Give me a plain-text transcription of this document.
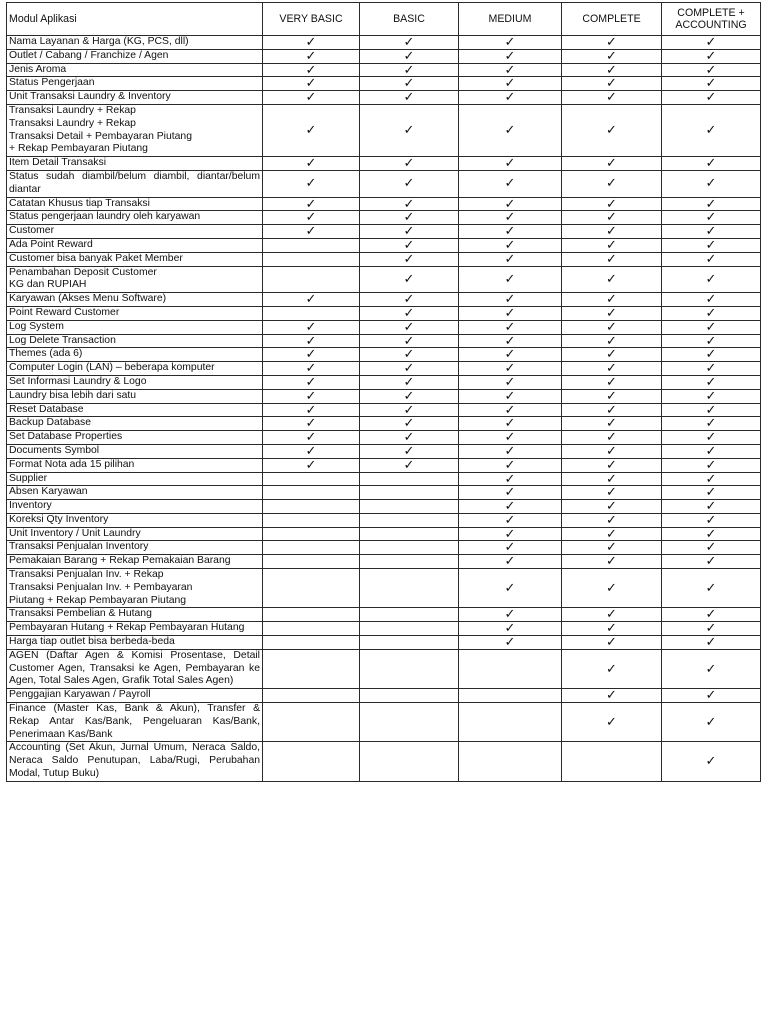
Modul Aplikasi	VERY BASIC	BASIC	MEDIUM	COMPLETE	COMPLETE + ACCOUNTING
Nama Layanan & Harga (KG, PCS, dll)	✓	✓	✓	✓	✓
Outlet / Cabang / Franchize / Agen	✓	✓	✓	✓	✓
Jenis Aroma	✓	✓	✓	✓	✓
Status Pengerjaan	✓	✓	✓	✓	✓
Unit Transaksi Laundry & Inventory	✓	✓	✓	✓	✓
Transaksi Laundry + Rekap
Transaksi Laundry + Rekap
Transaksi Detail + Pembayaran Piutang
+ Rekap Pembayaran Piutang	✓	✓	✓	✓	✓
Item Detail Transaksi	✓	✓	✓	✓	✓
Status sudah diambil/belum diambil, diantar/belum diantar	✓	✓	✓	✓	✓
Catatan Khusus tiap Transaksi	✓	✓	✓	✓	✓
Status pengerjaan laundry oleh karyawan	✓	✓	✓	✓	✓
Customer	✓	✓	✓	✓	✓
Ada Point Reward		✓	✓	✓	✓
Customer bisa banyak Paket Member		✓	✓	✓	✓
Penambahan Deposit Customer
KG dan RUPIAH		✓	✓	✓	✓
Karyawan (Akses Menu Software)	✓	✓	✓	✓	✓
Point Reward Customer		✓	✓	✓	✓
Log System	✓	✓	✓	✓	✓
Log Delete Transaction	✓	✓	✓	✓	✓
Themes (ada 6)	✓	✓	✓	✓	✓
Computer Login (LAN) – beberapa komputer	✓	✓	✓	✓	✓
Set Informasi Laundry & Logo	✓	✓	✓	✓	✓
Laundry bisa lebih dari satu	✓	✓	✓	✓	✓
Reset Database	✓	✓	✓	✓	✓
Backup Database	✓	✓	✓	✓	✓
Set Database Properties	✓	✓	✓	✓	✓
Documents Symbol	✓	✓	✓	✓	✓
Format Nota ada 15 pilihan	✓	✓	✓	✓	✓
Supplier			✓	✓	✓
Absen Karyawan			✓	✓	✓
Inventory			✓	✓	✓
Koreksi Qty Inventory			✓	✓	✓
Unit Inventory / Unit Laundry			✓	✓	✓
Transaksi Penjualan Inventory			✓	✓	✓
Pemakaian Barang + Rekap Pemakaian Barang			✓	✓	✓
Transaksi Penjualan Inv. + Rekap
Transaksi Penjualan Inv. + Pembayaran
Piutang + Rekap Pembayaran Piutang			✓	✓	✓
Transaksi Pembelian & Hutang			✓	✓	✓
Pembayaran Hutang + Rekap Pembayaran Hutang			✓	✓	✓
Harga tiap outlet bisa berbeda-beda			✓	✓	✓
AGEN (Daftar Agen & Komisi Prosentase, Detail Customer Agen, Transaksi ke Agen, Pembayaran ke Agen, Total Sales Agen, Grafik Total Sales Agen)				✓	✓
Penggajian Karyawan / Payroll				✓	✓
Finance (Master Kas, Bank & Akun), Transfer & Rekap Antar Kas/Bank, Pengeluaran Kas/Bank, Penerimaan Kas/Bank				✓	✓
Accounting (Set Akun, Jurnal Umum, Neraca Saldo, Neraca Saldo Penutupan, Laba/Rugi, Perubahan Modal, Tutup Buku)					✓
